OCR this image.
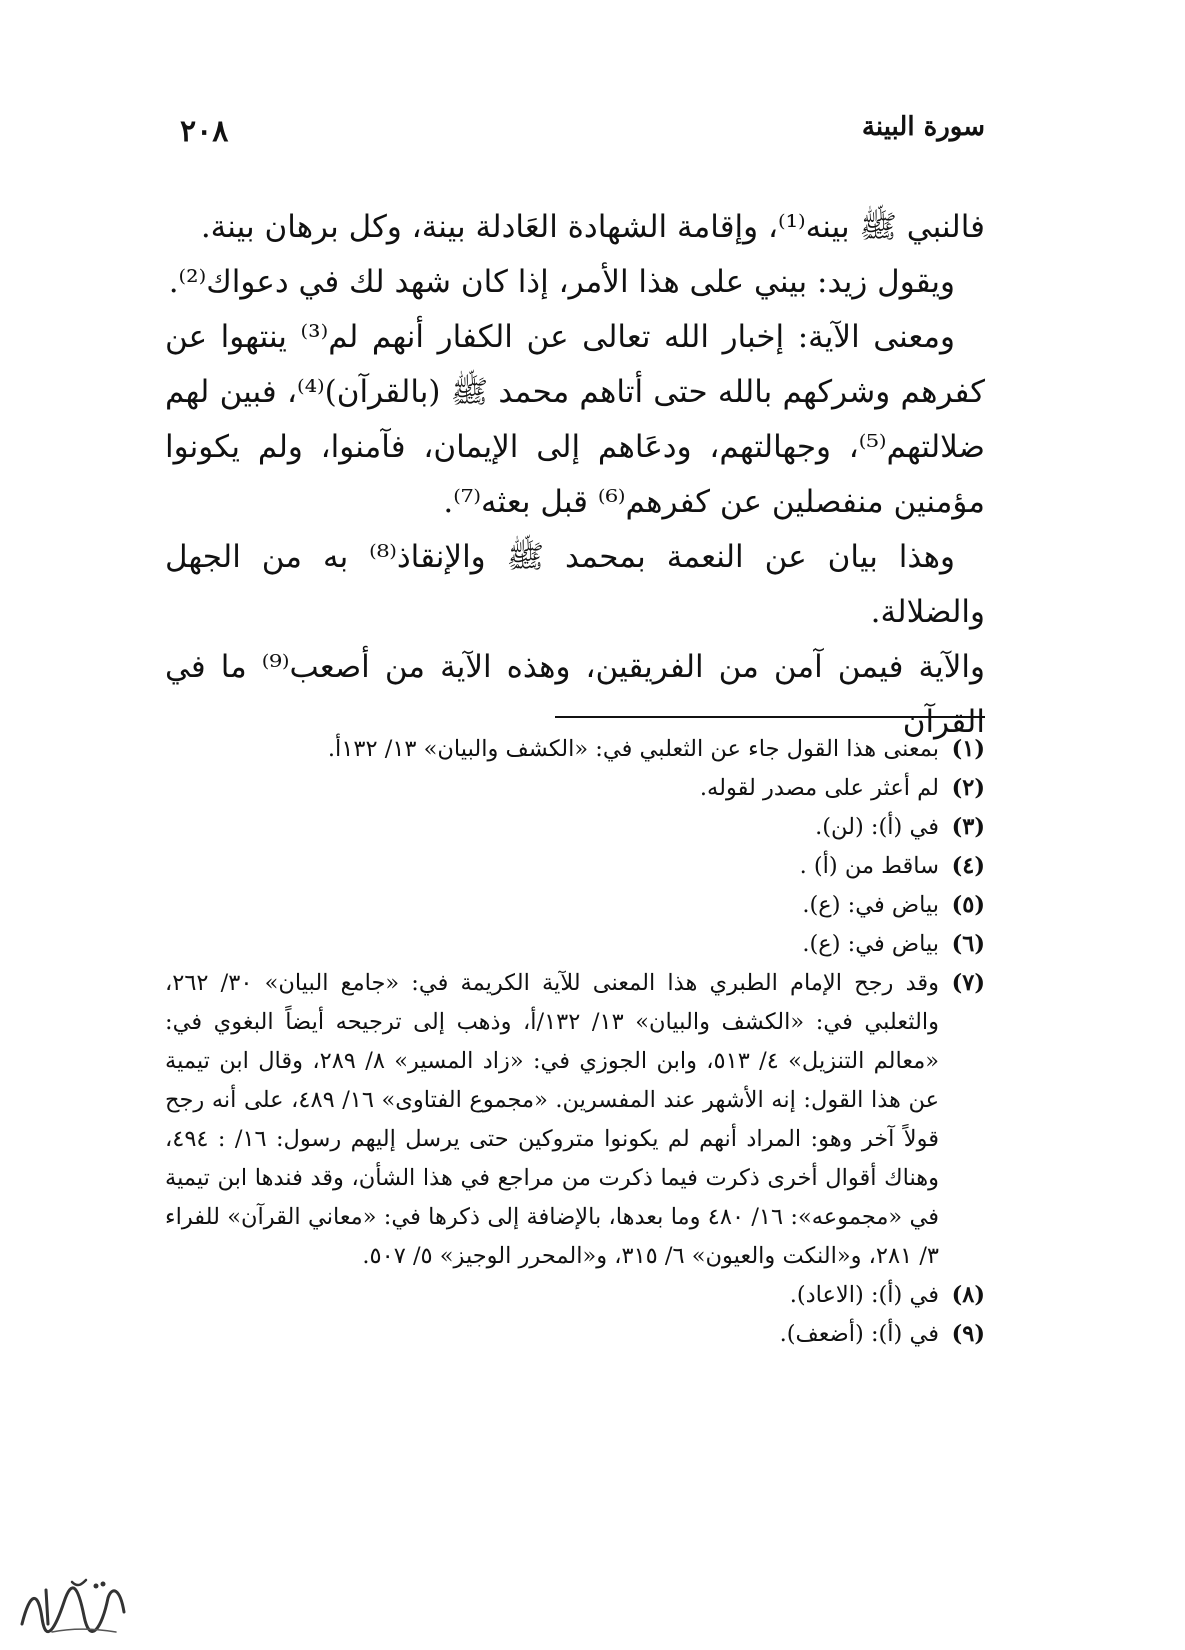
سورة البينة
٢٠٨

فالنبي ﷺ بينه⁽¹⁾، وإقامة الشهادة العَادلة بينة، وكل برهان بينة.

ويقول زيد: بيني على هذا الأمر، إذا كان شهد لك في دعواك⁽²⁾.

ومعنى الآية: إخبار الله تعالى عن الكفار أنهم لم⁽³⁾ ينتهوا عن كفرهم وشركهم بالله حتى أتاهم محمد ﷺ (بالقرآن)⁽⁴⁾، فبين لهم ضلالتهم⁽⁵⁾، وجهالتهم، ودعَاهم إلى الإيمان، فآمنوا، ولم يكونوا مؤمنين منفصلين عن كفرهم⁽⁶⁾ قبل بعثه⁽⁷⁾.

وهذا بيان عن النعمة بمحمد ﷺ والإنقاذ⁽⁸⁾ به من الجهل والضلالة.

والآية فيمن آمن من الفريقين، وهذه الآية من أصعب⁽⁹⁾ ما في القرآن

(١)
بمعنى هذا القول جاء عن الثعلبي في: «الكشف والبيان» ١٣/ ١٣٢أ.
(٢)
لم أعثر على مصدر لقوله.
(٣)
في (أ): (لن).
(٤)
ساقط من (أ) .
(٥)
بياض في: (ع).
(٦)
بياض في: (ع).
(٧)
وقد رجح الإمام الطبري هذا المعنى للآية الكريمة في: «جامع البيان» ٣٠/ ٢٦٢، والثعلبي في: «الكشف والبيان» ١٣/ ١٣٢/أ، وذهب إلى ترجيحه أيضاً البغوي في: «معالم التنزيل» ٤/ ٥١٣، وابن الجوزي في: «زاد المسير» ٨/ ٢٨٩، وقال ابن تيمية عن هذا القول: إنه الأشهر عند المفسرين. «مجموع الفتاوى» ١٦/ ٤٨٩، على أنه رجح قولاً آخر وهو: المراد أنهم لم يكونوا متروكين حتى يرسل إليهم رسول: ١٦/ : ٤٩٤، وهناك أقوال أخرى ذكرت فيما ذكرت من مراجع في هذا الشأن، وقد فندها ابن تيمية في «مجموعه»: ١٦/ ٤٨٠ وما بعدها، بالإضافة إلى ذكرها في: «معاني القرآن» للفراء ٣/ ٢٨١، و«النكت والعيون» ٦/ ٣١٥، و«المحرر الوجيز» ٥/ ٥٠٧.
(٨)
في (أ): (الاعاد).
(٩)
في (أ): (أضعف).
